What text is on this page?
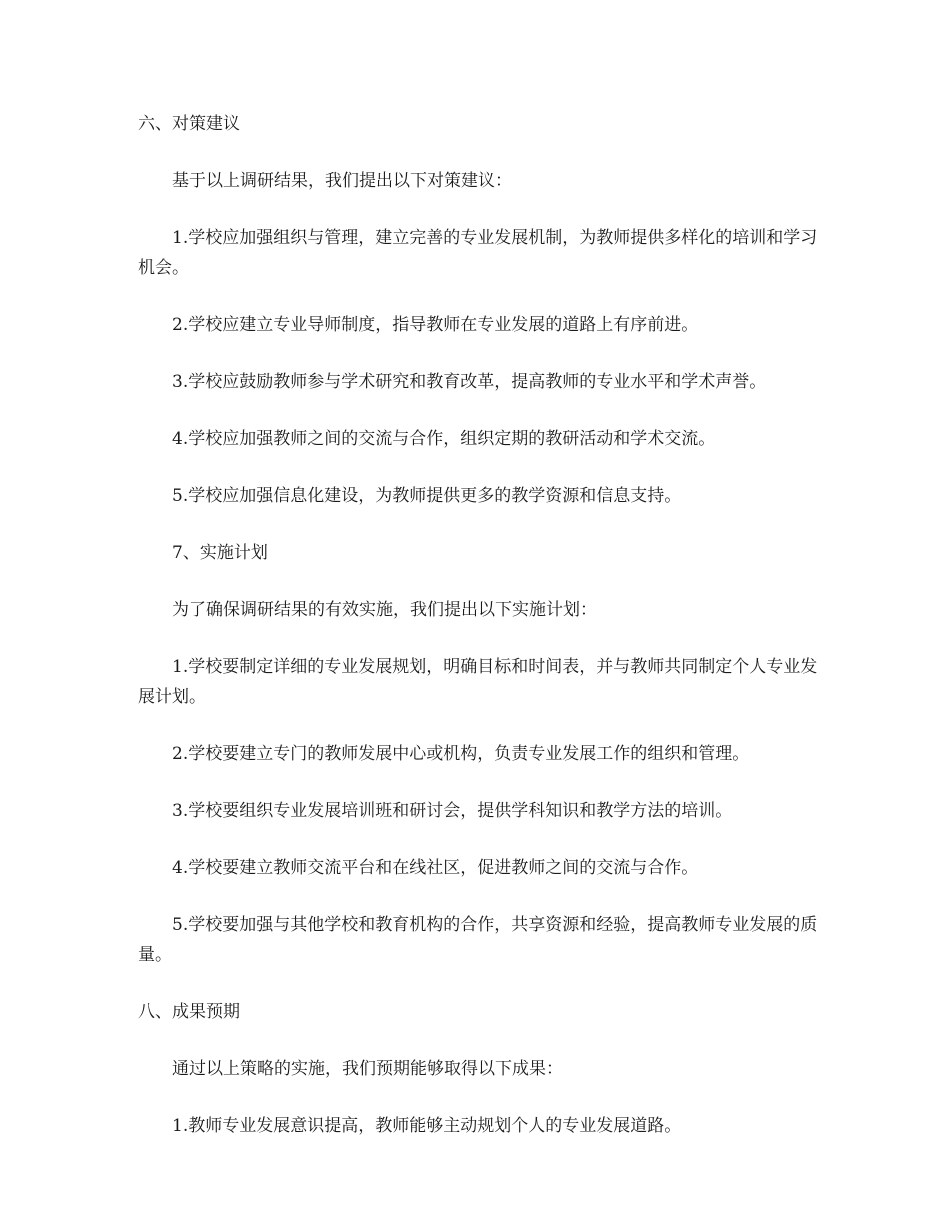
六、对策建议

基于以上调研结果，我们提出以下对策建议：

1.学校应加强组织与管理，建立完善的专业发展机制，为教师提供多样化的培训和学习机会。

2.学校应建立专业导师制度，指导教师在专业发展的道路上有序前进。

3.学校应鼓励教师参与学术研究和教育改革，提高教师的专业水平和学术声誉。

4.学校应加强教师之间的交流与合作，组织定期的教研活动和学术交流。

5.学校应加强信息化建设，为教师提供更多的教学资源和信息支持。

7、实施计划

为了确保调研结果的有效实施，我们提出以下实施计划：

1.学校要制定详细的专业发展规划，明确目标和时间表，并与教师共同制定个人专业发展计划。

2.学校要建立专门的教师发展中心或机构，负责专业发展工作的组织和管理。

3.学校要组织专业发展培训班和研讨会，提供学科知识和教学方法的培训。

4.学校要建立教师交流平台和在线社区，促进教师之间的交流与合作。

5.学校要加强与其他学校和教育机构的合作，共享资源和经验，提高教师专业发展的质量。

八、成果预期

通过以上策略的实施，我们预期能够取得以下成果：

1.教师专业发展意识提高，教师能够主动规划个人的专业发展道路。
